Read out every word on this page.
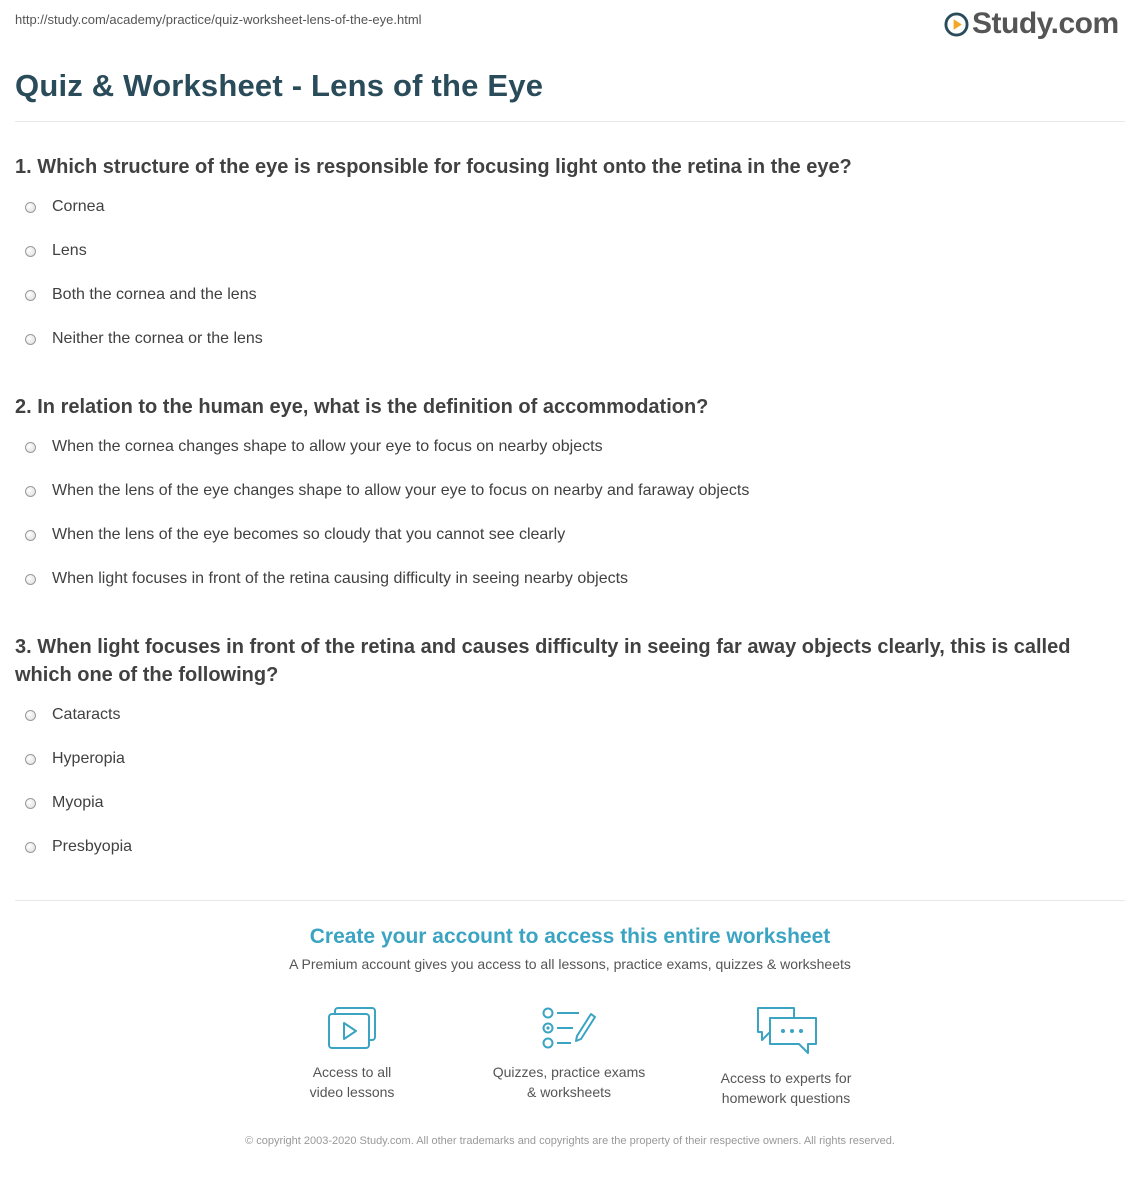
http://study.com/academy/practice/quiz-worksheet-lens-of-the-eye.html	Study.com
Quiz & Worksheet - Lens of the Eye
1. Which structure of the eye is responsible for focusing light onto the retina in the eye?
Cornea
Lens
Both the cornea and the lens
Neither the cornea or the lens
2. In relation to the human eye, what is the definition of accommodation?
When the cornea changes shape to allow your eye to focus on nearby objects
When the lens of the eye changes shape to allow your eye to focus on nearby and faraway objects
When the lens of the eye becomes so cloudy that you cannot see clearly
When light focuses in front of the retina causing difficulty in seeing nearby objects
3. When light focuses in front of the retina and causes difficulty in seeing far away objects clearly, this is called which one of the following?
Cataracts
Hyperopia
Myopia
Presbyopia
Create your account to access this entire worksheet
A Premium account gives you access to all lessons, practice exams, quizzes & worksheets
Access to all
video lessons
Quizzes, practice exams
& worksheets
Access to experts for
homework questions
© copyright 2003-2020 Study.com. All other trademarks and copyrights are the property of their respective owners. All rights reserved.
